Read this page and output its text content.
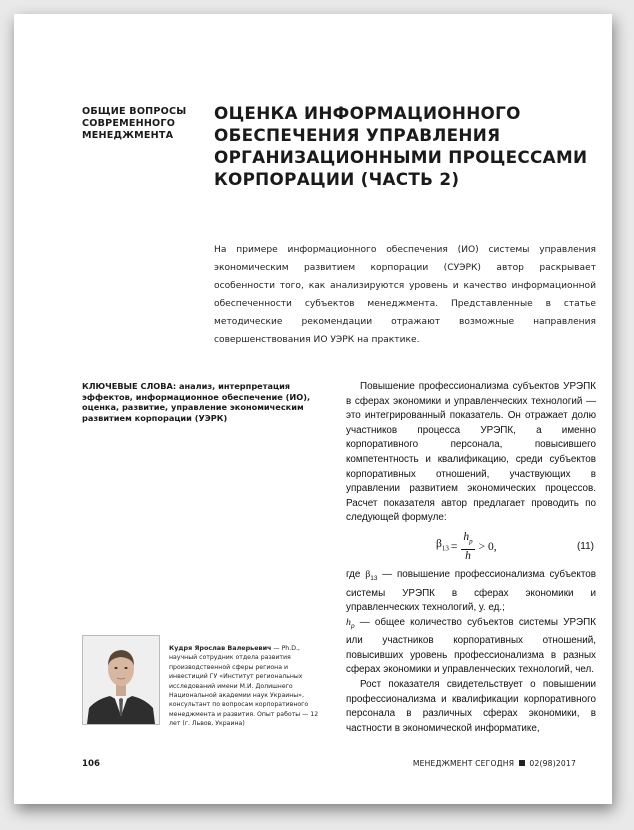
ОБЩИЕ ВОПРОСЫ СОВРЕМЕННОГО МЕНЕДЖМЕНТА
ОЦЕНКА ИНФОРМАЦИОННОГО ОБЕСПЕЧЕНИЯ УПРАВЛЕНИЯ ОРГАНИЗАЦИОННЫМИ ПРОЦЕССАМИ КОРПОРАЦИИ (ЧАСТЬ 2)
На примере информационного обеспечения (ИО) системы управления экономическим развитием корпорации (СУЭРК) автор раскрывает особенности того, как анализируются уровень и качество информационной обеспеченности субъектов менеджмента. Представленные в статье методические рекомендации отражают возможные направления совершенствования ИО УЭРК на практике.
КЛЮЧЕВЫЕ СЛОВА: анализ, интерпретация эффектов, информационное обеспечение (ИО), оценка, развитие, управление экономическим развитием корпорации (УЭРК)

Повышение профессионализма субъектов УРЭПК в сферах экономики и управленческих технологий — это интегрированный показатель. Он отражает долю участников процесса УРЭПК, а именно корпоративного персонала, повысившего компетентность и квалификацию, среди субъектов корпоративных отношений, участвующих в управлении развитием экономических процессов. Расчет показателя автор предлагает проводить по следующей формуле:

$\beta_{13} = \frac{h_p}{h} > 0$,	(11)

где $\beta_{13}$ — повышение профессионализма субъектов системы УРЭПК в сферах экономики и управленческих технологий, у. ед.;

$h_p$ — общее количество субъектов системы УРЭПК или участников корпоративных отношений, повысивших уровень профессионализма в разных сферах экономики и управленческих технологий, чел.

Рост показателя свидетельствует о повышении профессионализма и квалификации корпоративного персонала в различных сферах экономики, в частности в экономической информатике,

Кудря Ярослав Валерьевич — Ph.D., научный сотрудник отдела развития производственной сферы региона и инвестиций ГУ «Институт региональных исследований имени М.И. Долишнего Национальной академии наук Украины», консультант по вопросам корпоративного менеджмента и развития. Опыт работы — 12 лет (г. Львов, Украина)
106	МЕНЕДЖМЕНТ СЕГОДНЯ 02(98)2017
